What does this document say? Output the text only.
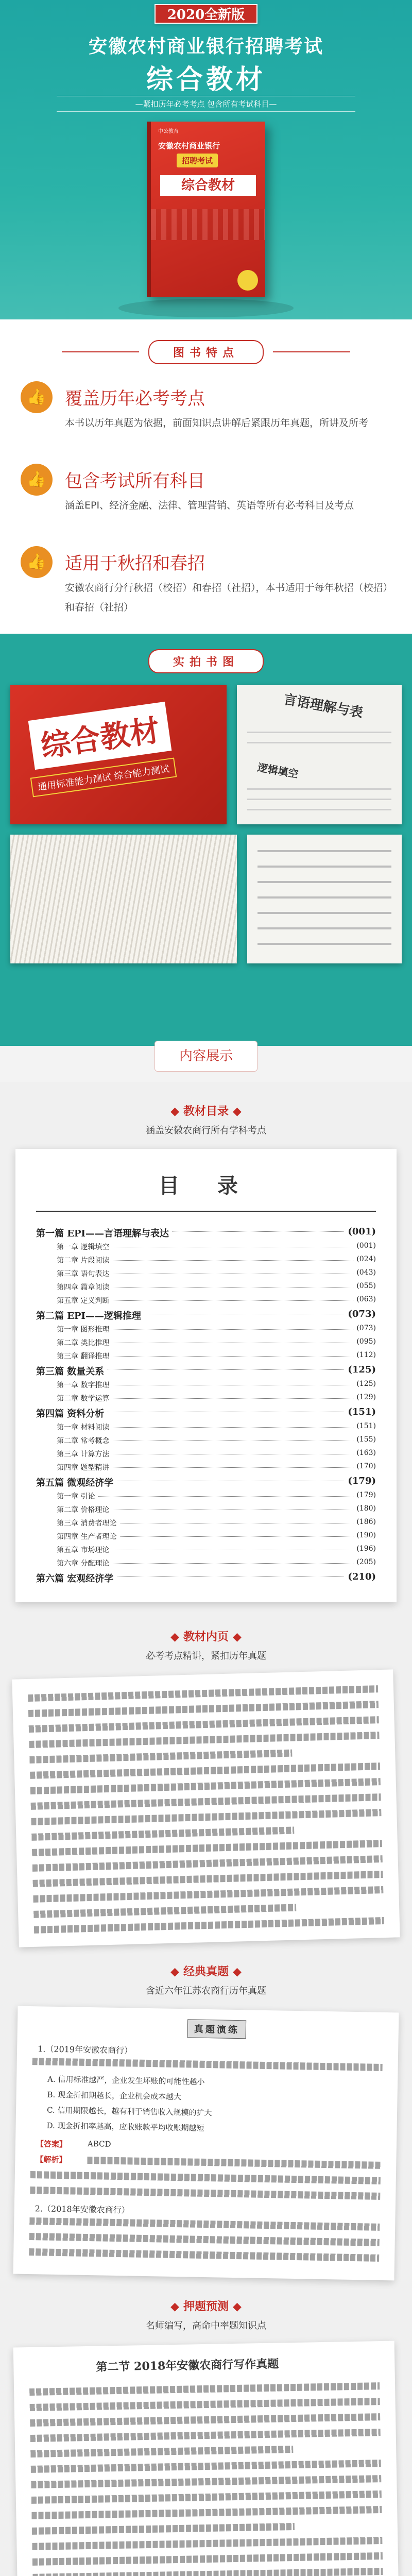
2020全新版
安徽农村商业银行招聘考试
综合教材
—紧扣历年必考考点 包含所有考试科目—
中公教育
安徽农村商业银行
招聘考试
综合教材
图书特点
👍	覆盖历年必考考点
本书以历年真题为依据，前面知识点讲解后紧跟历年真题，所讲及所考
👍	包含考试所有科目
涵盖EPI、经济金融、法律、管理营销、英语等所有必考科目及考点
👍	适用于秋招和春招
安徽农商行分行秋招（校招）和春招（社招），本书适用于每年秋招（校招）和春招（社招）
实拍书图
综合教材
通用标准能力测试 综合能力测试
言语理解与表
逻辑填空
内容展示
◆ 教材目录 ◆
涵盖安徽农商行所有学科考点
目 录
第一篇 EPI——言语理解与表达	(001)
第一章 逻辑填空	(001)
第二章 片段阅读	(024)
第三章 语句表达	(043)
第四章 篇章阅读	(055)
第五章 定义判断	(063)
第二篇 EPI——逻辑推理	(073)
第一章 图形推理	(073)
第二章 类比推理	(095)
第三章 翻译推理	(112)
第三篇 数量关系	(125)
第一章 数字推理	(125)
第二章 数学运算	(129)
第四篇 资料分析	(151)
第一章 材料阅读	(151)
第二章 常考概念	(155)
第三章 计算方法	(163)
第四章 题型精讲	(170)
第五篇 微观经济学	(179)
第一章 引论	(179)
第二章 价格理论	(180)
第三章 消费者理论	(186)
第四章 生产者理论	(190)
第五章 市场理论	(196)
第六章 分配理论	(205)
第六篇 宏观经济学	(210)
◆ 教材内页 ◆
必考考点精讲，紧扣历年真题
◆ 经典真题 ◆
含近六年江苏农商行历年真题
真题演练
1.（2019年安徽农商行）
A. 信用标准越严，企业发生坏账的可能性越小
B. 现金折扣期越长，企业机会成本越大
C. 信用期限越长，越有利于销售收入规模的扩大
D. 现金折扣率越高，应收账款平均收账期越短
【答案】	ABCD
【解析】
2.（2018年安徽农商行）
◆ 押题预测 ◆
名师编写，高命中率题知识点
第二节 2018年安徽农商行写作真题
